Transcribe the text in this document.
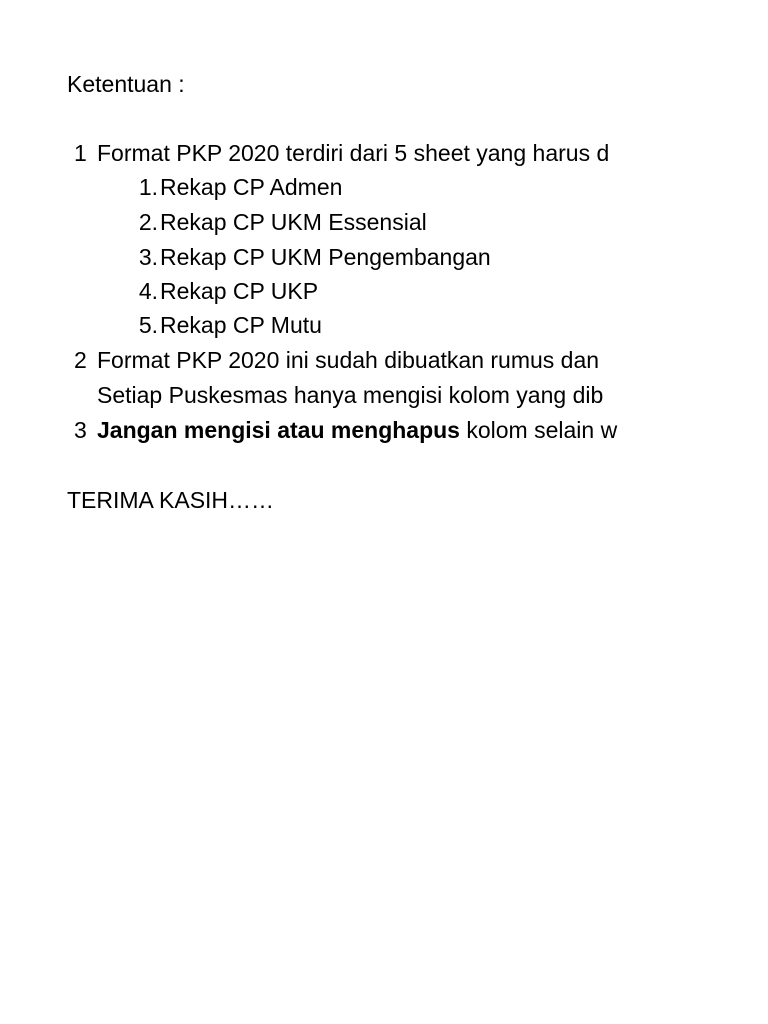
Ketentuan :
1 Format PKP 2020 terdiri dari 5 sheet yang harus d
1. Rekap CP Admen
2. Rekap CP UKM Essensial
3. Rekap CP UKM Pengembangan
4. Rekap CP UKP
5. Rekap CP Mutu
2 Format PKP 2020 ini sudah dibuatkan rumus dan
Setiap Puskesmas hanya mengisi kolom yang dib
3 Jangan mengisi atau menghapus kolom selain w
TERIMA KASIH……
